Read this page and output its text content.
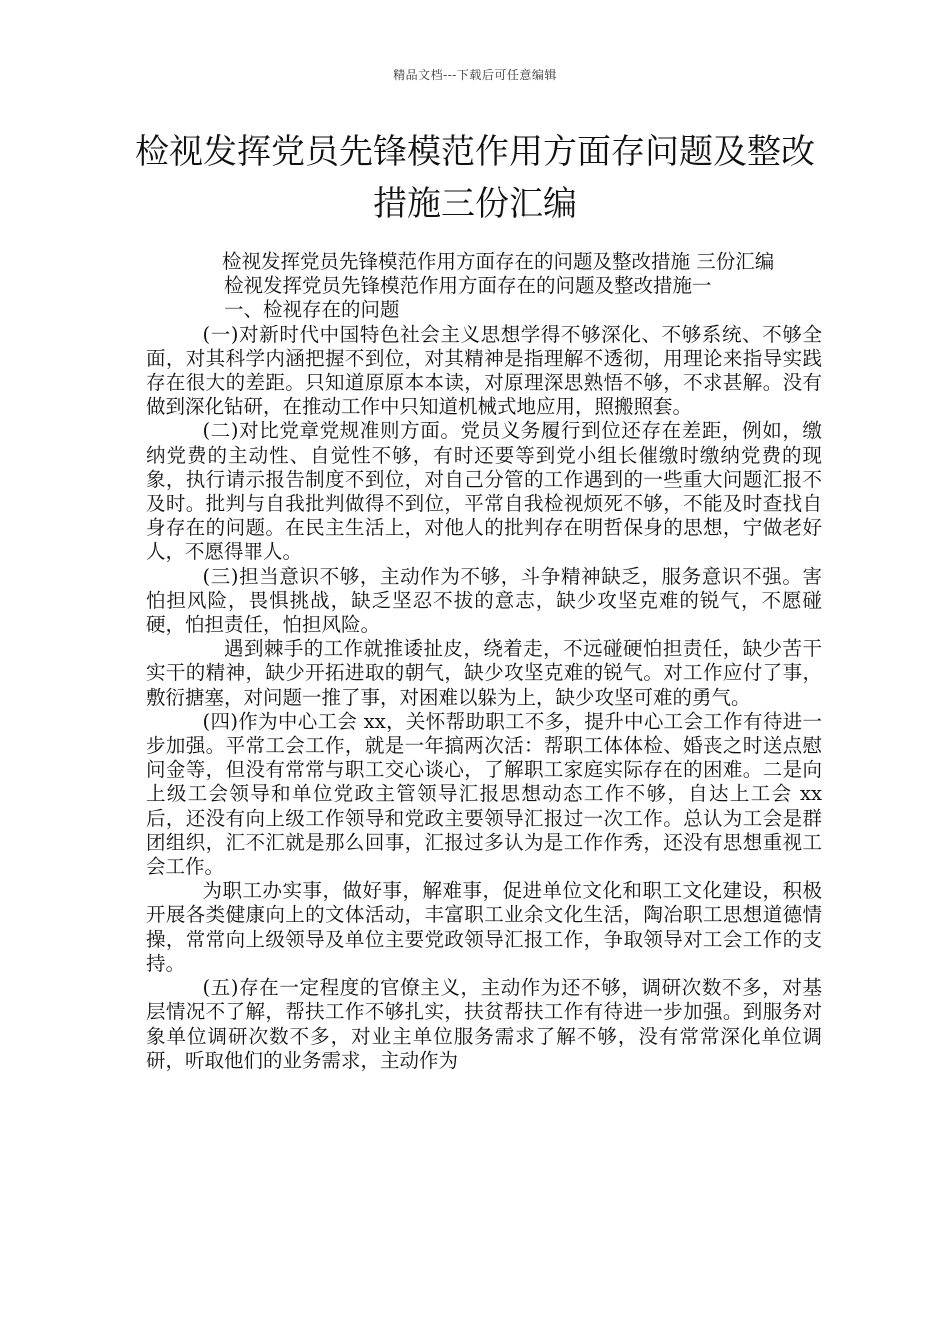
精品文档---下载后可任意编辑
检视发挥党员先锋模范作用方面存问题及整改措施三份汇编

检视发挥党员先锋模范作用方面存在的问题及整改措施 三份汇编

检视发挥党员先锋模范作用方面存在的问题及整改措施一

一、检视存在的问题

(一)对新时代中国特色社会主义思想学得不够深化、不够系统、不够全面，对其科学内涵把握不到位，对其精神是指理解不透彻，用理论来指导实践存在很大的差距。只知道原原本本读，对原理深思熟悟不够，不求甚解。没有做到深化钻研，在推动工作中只知道机械式地应用，照搬照套。

(二)对比党章党规准则方面。党员义务履行到位还存在差距，例如，缴纳党费的主动性、自觉性不够，有时还要等到党小组长催缴时缴纳党费的现象，执行请示报告制度不到位，对自己分管的工作遇到的一些重大问题汇报不及时。批判与自我批判做得不到位，平常自我检视烦死不够，不能及时查找自身存在的问题。在民主生活上，对他人的批判存在明哲保身的思想，宁做老好人，不愿得罪人。

(三)担当意识不够，主动作为不够，斗争精神缺乏，服务意识不强。害怕担风险，畏惧挑战，缺乏坚忍不拔的意志，缺少攻坚克难的锐气，不愿碰硬，怕担责任，怕担风险。

遇到棘手的工作就推诿扯皮，绕着走，不远碰硬怕担责任，缺少苦干实干的精神，缺少开拓进取的朝气，缺少攻坚克难的锐气。对工作应付了事，敷衍搪塞，对问题一推了事，对困难以躲为上，缺少攻坚可难的勇气。

(四)作为中心工会 xx，关怀帮助职工不多，提升中心工会工作有待进一步加强。平常工会工作，就是一年搞两次活：帮职工体体检、婚丧之时送点慰问金等，但没有常常与职工交心谈心，了解职工家庭实际存在的困难。二是向上级工会领导和单位党政主管领导汇报思想动态工作不够，自达上工会 xx 后，还没有向上级工作领导和党政主要领导汇报过一次工作。总认为工会是群团组织，汇不汇就是那么回事，汇报过多认为是工作作秀，还没有思想重视工会工作。

为职工办实事，做好事，解难事，促进单位文化和职工文化建设，积极开展各类健康向上的文体活动，丰富职工业余文化生活，陶冶职工思想道德情操，常常向上级领导及单位主要党政领导汇报工作，争取领导对工会工作的支持。

(五)存在一定程度的官僚主义，主动作为还不够，调研次数不多，对基层情况不了解，帮扶工作不够扎实，扶贫帮扶工作有待进一步加强。到服务对象单位调研次数不多，对业主单位服务需求了解不够，没有常常深化单位调研，听取他们的业务需求，主动作为
